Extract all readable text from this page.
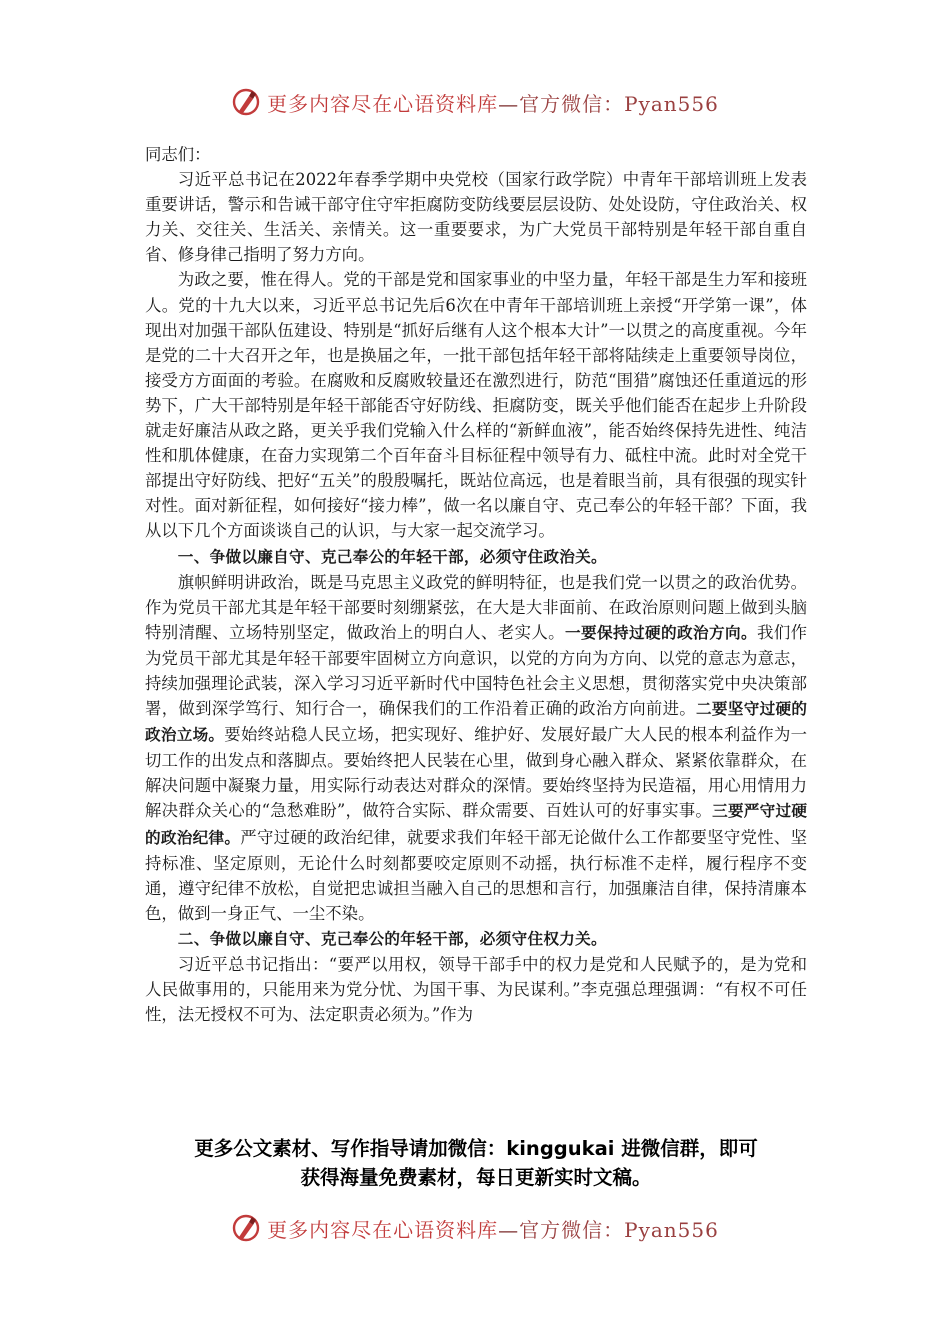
更多内容尽在心语资料库—官方微信：Pyan556

同志们：

习近平总书记在2022年春季学期中央党校（国家行政学院）中青年干部培训班上发表重要讲话，警示和告诫干部守住守牢拒腐防变防线要层层设防、处处设防，守住政治关、权力关、交往关、生活关、亲情关。这一重要要求，为广大党员干部特别是年轻干部自重自省、修身律己指明了努力方向。

为政之要，惟在得人。党的干部是党和国家事业的中坚力量，年轻干部是生力军和接班人。党的十九大以来，习近平总书记先后6次在中青年干部培训班上亲授“开学第一课”，体现出对加强干部队伍建设、特别是“抓好后继有人这个根本大计”一以贯之的高度重视。今年是党的二十大召开之年，也是换届之年，一批干部包括年轻干部将陆续走上重要领导岗位，接受方方面面的考验。在腐败和反腐败较量还在激烈进行，防范“围猎”腐蚀还任重道远的形势下，广大干部特别是年轻干部能否守好防线、拒腐防变，既关乎他们能否在起步上升阶段就走好廉洁从政之路，更关乎我们党输入什么样的“新鲜血液”，能否始终保持先进性、纯洁性和肌体健康，在奋力实现第二个百年奋斗目标征程中领导有力、砥柱中流。此时对全党干部提出守好防线、把好“五关”的殷殷嘱托，既站位高远，也是着眼当前，具有很强的现实针对性。面对新征程，如何接好“接力棒”，做一名以廉自守、克己奉公的年轻干部？下面，我从以下几个方面谈谈自己的认识，与大家一起交流学习。

一、争做以廉自守、克己奉公的年轻干部，必须守住政治关。

旗帜鲜明讲政治，既是马克思主义政党的鲜明特征，也是我们党一以贯之的政治优势。作为党员干部尤其是年轻干部要时刻绷紧弦，在大是大非面前、在政治原则问题上做到头脑特别清醒、立场特别坚定，做政治上的明白人、老实人。一要保持过硬的政治方向。我们作为党员干部尤其是年轻干部要牢固树立方向意识，以党的方向为方向、以党的意志为意志，持续加强理论武装，深入学习习近平新时代中国特色社会主义思想，贯彻落实党中央决策部署，做到深学笃行、知行合一，确保我们的工作沿着正确的政治方向前进。二要坚守过硬的政治立场。要始终站稳人民立场，把实现好、维护好、发展好最广大人民的根本利益作为一切工作的出发点和落脚点。要始终把人民装在心里，做到身心融入群众、紧紧依靠群众，在解决问题中凝聚力量，用实际行动表达对群众的深情。要始终坚持为民造福，用心用情用力解决群众关心的“急愁难盼”，做符合实际、群众需要、百姓认可的好事实事。三要严守过硬的政治纪律。严守过硬的政治纪律，就要求我们年轻干部无论做什么工作都要坚守党性、坚持标准、坚定原则，无论什么时刻都要咬定原则不动摇，执行标准不走样，履行程序不变通，遵守纪律不放松，自觉把忠诚担当融入自己的思想和言行，加强廉洁自律，保持清廉本色，做到一身正气、一尘不染。

二、争做以廉自守、克己奉公的年轻干部，必须守住权力关。

习近平总书记指出：“要严以用权，领导干部手中的权力是党和人民赋予的，是为党和人民做事用的，只能用来为党分忧、为国干事、为民谋利。”李克强总理强调：“有权不可任性，法无授权不可为、法定职责必须为。”作为

更多公文素材、写作指导请加微信：kinggukai 进微信群，即可
获得海量免费素材，每日更新实时文稿。
更多内容尽在心语资料库—官方微信：Pyan556
